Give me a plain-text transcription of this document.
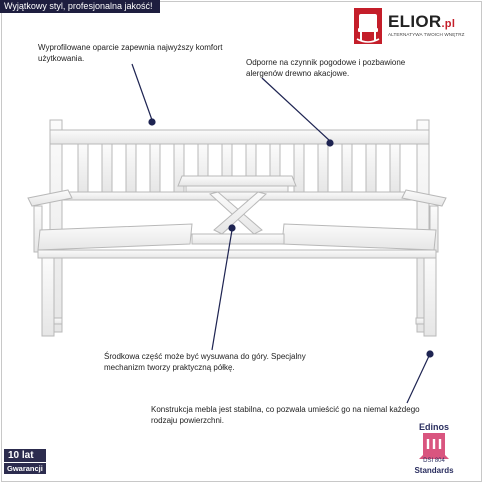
Wyjątkowy styl, profesjonalna jakość!
ELIOR.pl
ALTERNATYWA TWOICH WNĘTRZ
Wyprofilowane oparcie zapewnia najwyższy komfort użytkowania.	Odporne na czynnik pogodowe i pozbawione alergenów drewno akacjowe.
Środkowa część może być wysuwana do góry. Specjalny mechanizm tworzy praktyczną półkę.
Konstrukcja mebla jest stabilna, co pozwala umieścić go na niemal każdego rodzaju powierzchni.
10 lat
Gwarancji
Edinos
DSI 804
Standards
